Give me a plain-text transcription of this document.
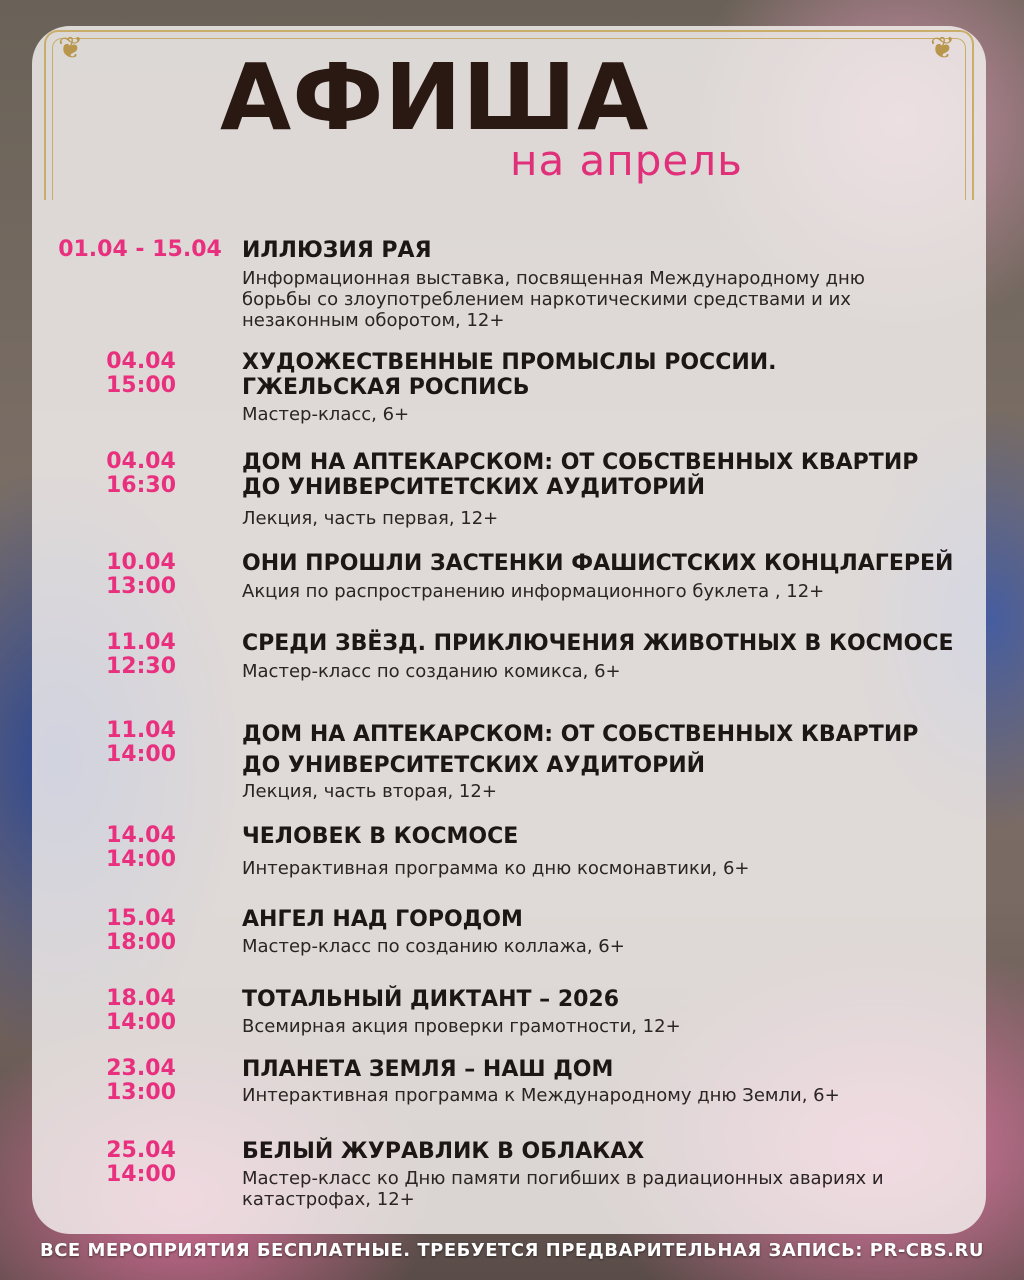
❦	❦
АФИША
на апрель
01.04 - 15.04 ИЛЛЮЗИЯ РАЯ
Информационная выставка, посвященная Международному дню
борьбы со злоупотреблением наркотическими средствами и их
незаконным оборотом, 12+
04.04
15:00
ХУДОЖЕСТВЕННЫЕ ПРОМЫСЛЫ РОССИИ.
ГЖЕЛЬСКАЯ РОСПИСЬ
Мастер-класс, 6+
04.04
16:30
ДОМ НА АПТЕКАРСКОМ: ОТ СОБСТВЕННЫХ КВАРТИР
ДО УНИВЕРСИТЕТСКИХ АУДИТОРИЙ
Лекция, часть первая, 12+
10.04
13:00
ОНИ ПРОШЛИ ЗАСТЕНКИ ФАШИСТСКИХ КОНЦЛАГЕРЕЙ
Акция по распространению информационного буклета , 12+
11.04
12:30
СРЕДИ ЗВЁЗД. ПРИКЛЮЧЕНИЯ ЖИВОТНЫХ В КОСМОСЕ
Мастер-класс по созданию комикса, 6+
11.04
14:00
ДОМ НА АПТЕКАРСКОМ: ОТ СОБСТВЕННЫХ КВАРТИР
ДО УНИВЕРСИТЕТСКИХ АУДИТОРИЙ
Лекция, часть вторая, 12+
14.04
14:00
ЧЕЛОВЕК В КОСМОСЕ
Интерактивная программа ко дню космонавтики, 6+
15.04
18:00
АНГЕЛ НАД ГОРОДОМ
Мастер-класс по созданию коллажа, 6+
18.04
14:00
ТОТАЛЬНЫЙ ДИКТАНТ – 2026
Всемирная акция проверки грамотности, 12+
23.04
13:00
ПЛАНЕТА ЗЕМЛЯ – НАШ ДОМ
Интерактивная программа к Международному дню Земли, 6+
25.04
14:00
БЕЛЫЙ ЖУРАВЛИК В ОБЛАКАХ
Мастер-класс ко Дню памяти погибших в радиационных авариях и
катастрофах, 12+
ВСЕ МЕРОПРИЯТИЯ БЕСПЛАТНЫЕ. ТРЕБУЕТСЯ ПРЕДВАРИТЕЛЬНАЯ ЗАПИСЬ: PR-CBS.RU
